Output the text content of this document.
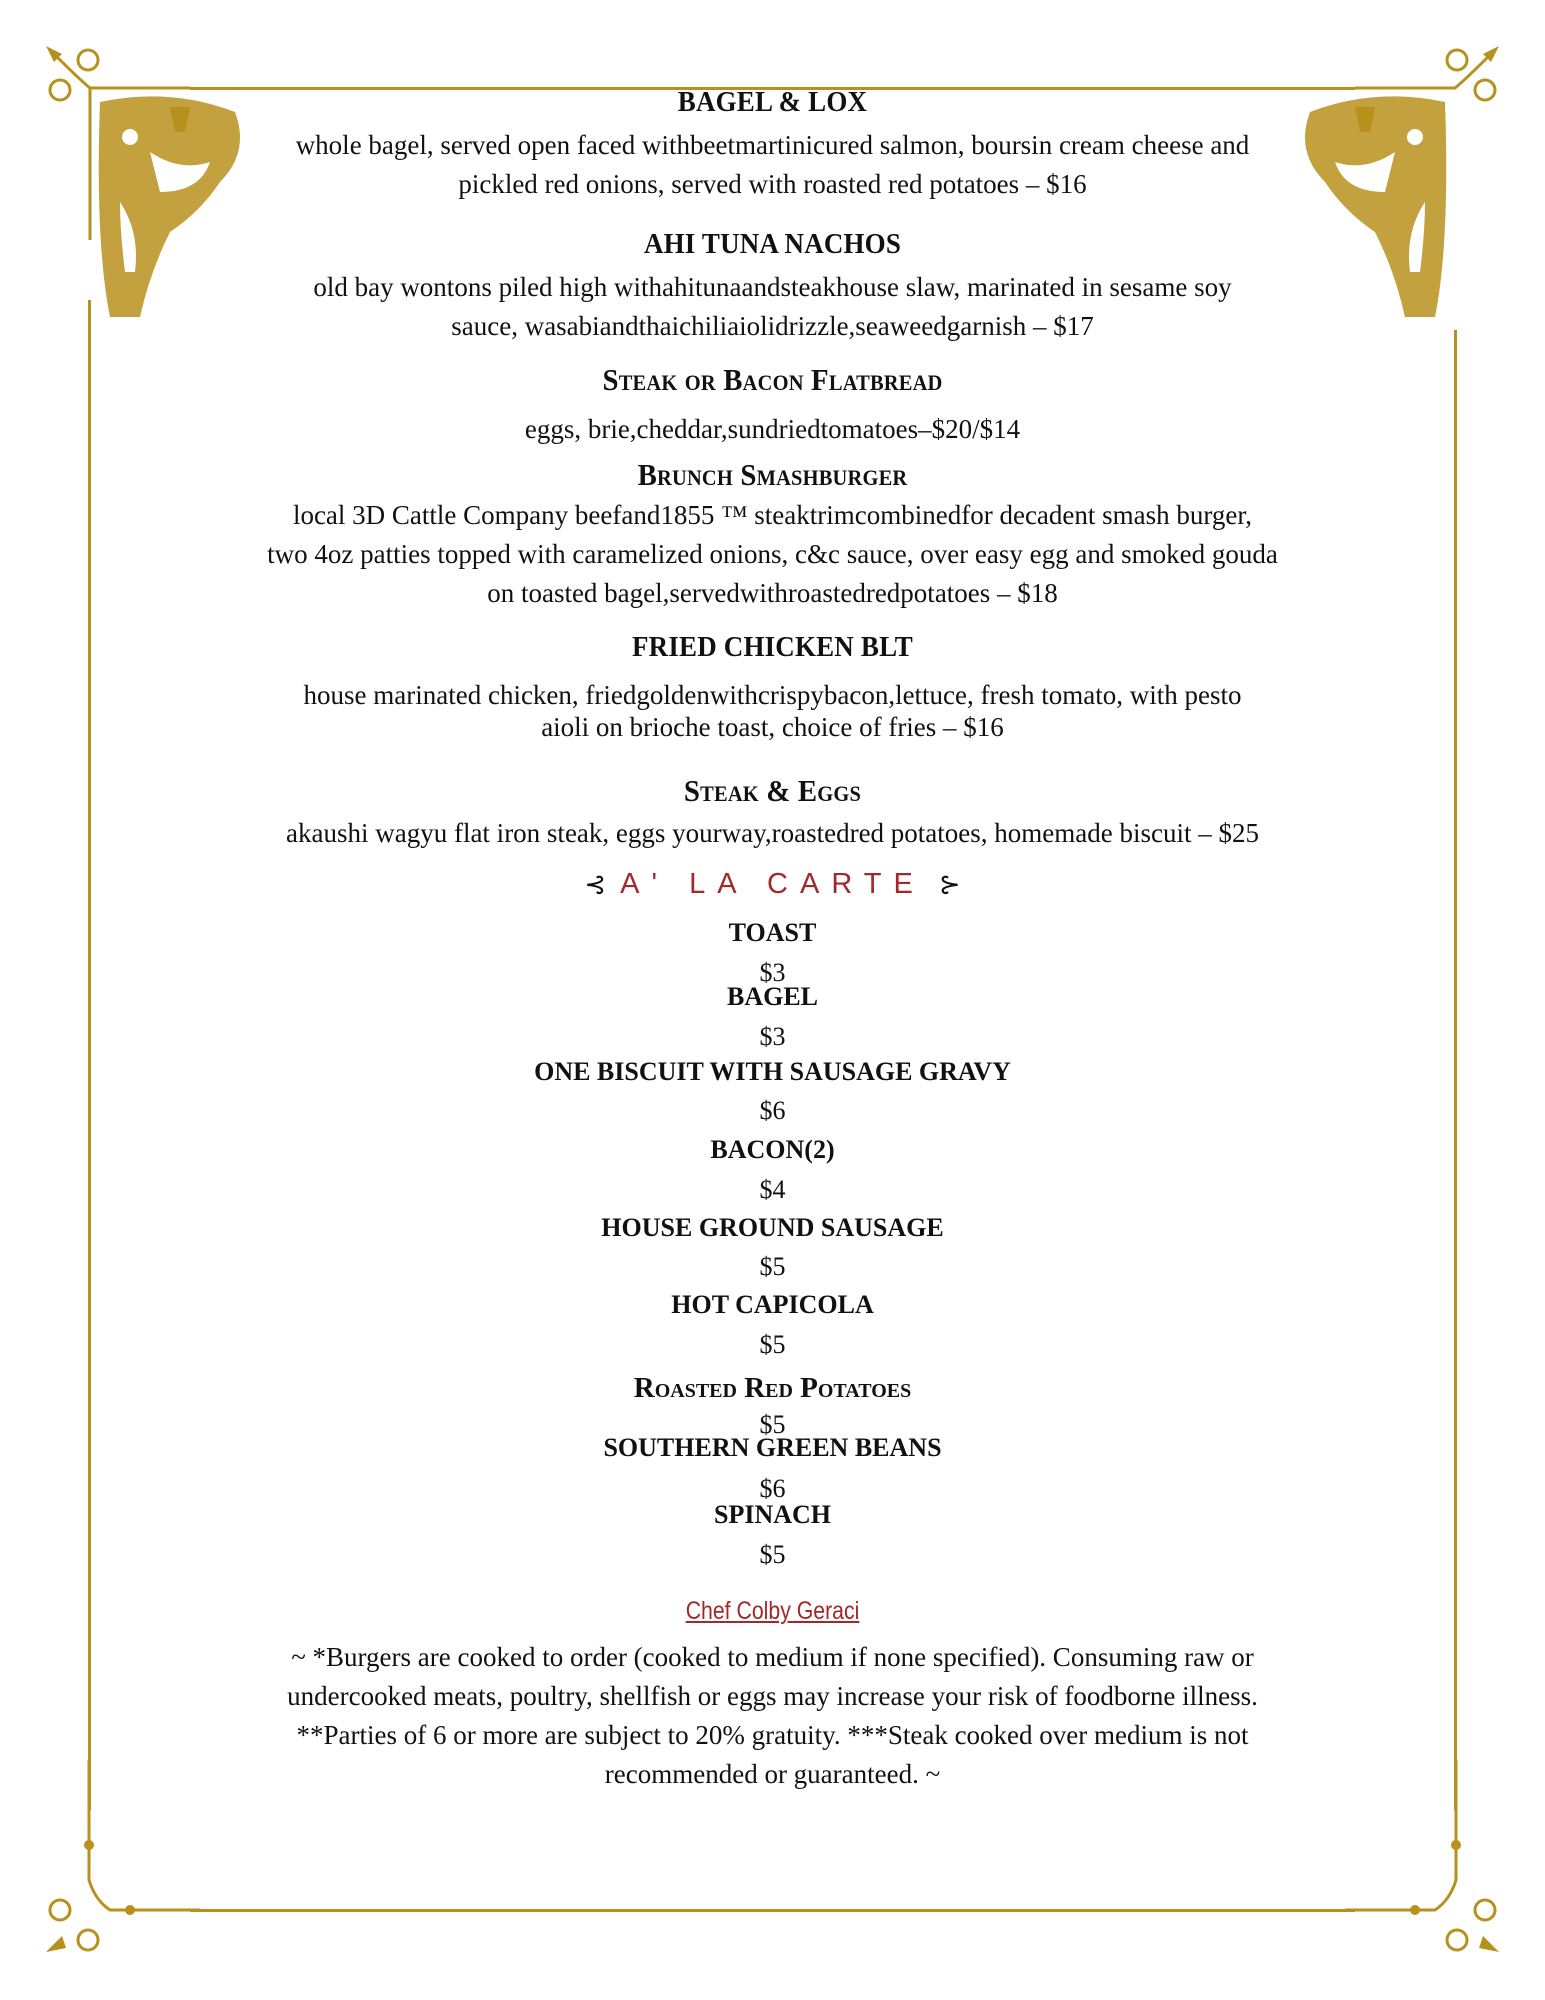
BAGEL & LOX
whole bagel, served open faced withbeetmartinicured salmon, boursin cream cheese and
pickled red onions, served with roasted red potatoes – $16
AHI TUNA NACHOS
old bay wontons piled high withahitunaandsteakhouse slaw, marinated in sesame soy
sauce, wasabiandthaichiliaiolidrizzle,seaweedgarnish – $17
Steak or Bacon Flatbread
eggs, brie,cheddar,sundriedtomatoes–$20/$14
Brunch Smashburger
local 3D Cattle Company beefand1855 ™ steaktrimcombinedfor decadent smash burger,
two 4oz patties topped with caramelized onions, c&c sauce, over easy egg and smoked gouda
on toasted bagel,servedwithroastedredpotatoes – $18
FRIED CHICKEN BLT
house marinated chicken, friedgoldenwithcrispybacon,lettuce, fresh tomato, with pesto
aioli on brioche toast, choice of fries – $16
Steak & Eggs
akaushi wagyu flat iron steak, eggs yourway,roastedred potatoes, homemade biscuit – $25
⊰ A' LA CARTE ⊱
TOAST
$3
BAGEL
$3
ONE BISCUIT WITH SAUSAGE GRAVY
$6
BACON(2)
$4
HOUSE GROUND SAUSAGE
$5
HOT CAPICOLA
$5
Roasted Red Potatoes
$5
SOUTHERN GREEN BEANS
$6
SPINACH
$5
Chef Colby Geraci
~ *Burgers are cooked to order (cooked to medium if none specified). Consuming raw or
undercooked meats, poultry, shellfish or eggs may increase your risk of foodborne illness.
**Parties of 6 or more are subject to 20% gratuity. ***Steak cooked over medium is not
recommended or guaranteed. ~
